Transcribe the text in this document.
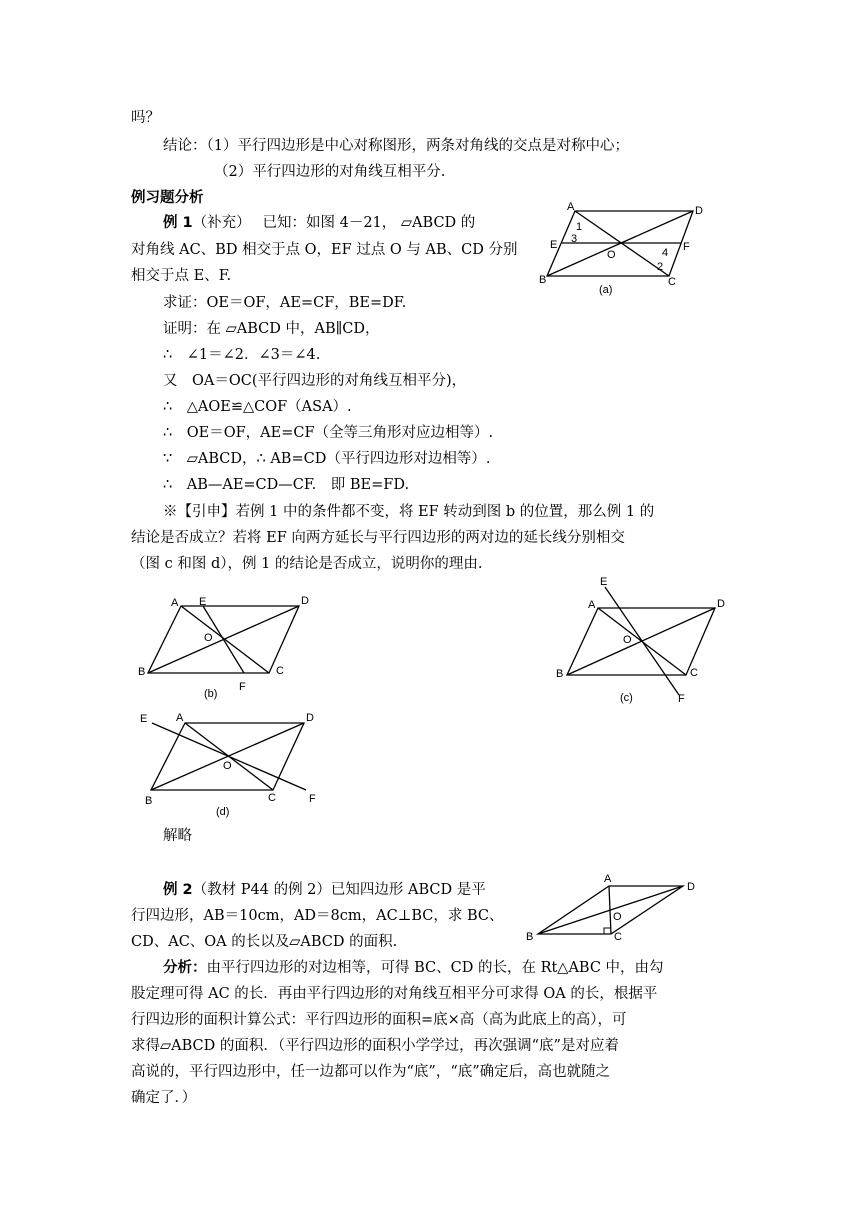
吗？
结论：（1）平行四边形是中心对称图形，两条对角线的交点是对称中心；
（2）平行四边形的对角线互相平分.
例习题分析
例 1（补充）　 已知：如图 4－21， ▱ABCD 的
对角线 AC、BD 相交于点 O，EF 过点 O 与 AB、CD 分别
相交于点 E、F.
求证：OE＝OF，AE=CF，BE=DF.
证明：在 ▱ABCD 中，AB∥CD，
∴　∠1＝∠2．∠3＝∠4.
又　OA＝OC(平行四边形的对角线互相平分)，
∴　△AOE≌△COF（ASA）.
∴　OE＝OF，AE=CF（全等三角形对应边相等）.
∵　▱ABCD，∴ AB=CD（平行四边形对边相等）.
∴　AB—AE=CD—CF.　即 BE=FD.
※【引申】若例 1 中的条件都不变，将 EF 转动到图 b 的位置，那么例 1 的
结论是否成立？若将 EF 向两方延长与平行四边形的两对边的延长线分别相交
（图 c 和图 d），例 1 的结论是否成立，说明你的理由.
解略
例 2（教材 P44 的例 2）已知四边形 ABCD 是平
行四边形，AB＝10cm，AD＝8cm，AC⊥BC，求 BC、
CD、AC、OA 的长以及▱ABCD 的面积.
分析：由平行四边形的对边相等，可得 BC、CD 的长，在 Rt△ABC 中，由勾
股定理可得 AC 的长．再由平行四边形的对角线互相平分可求得 OA 的长，根据平
行四边形的面积计算公式：平行四边形的面积=底×高（高为此底上的高），可
求得▱ABCD 的面积．（平行四边形的面积小学学过，再次强调“底”是对应着
高说的，平行四边形中，任一边都可以作为“底”，“底”确定后，高也就随之
确定了．）
A	D
E	F
B	C
O
1
3
4
2
(a)
A E	D
O
B	C
F
(b)
E
A	D
O
B	C
F
(c)
E	A	D
O
B	C	F
(d)
A
D
O
B	C
